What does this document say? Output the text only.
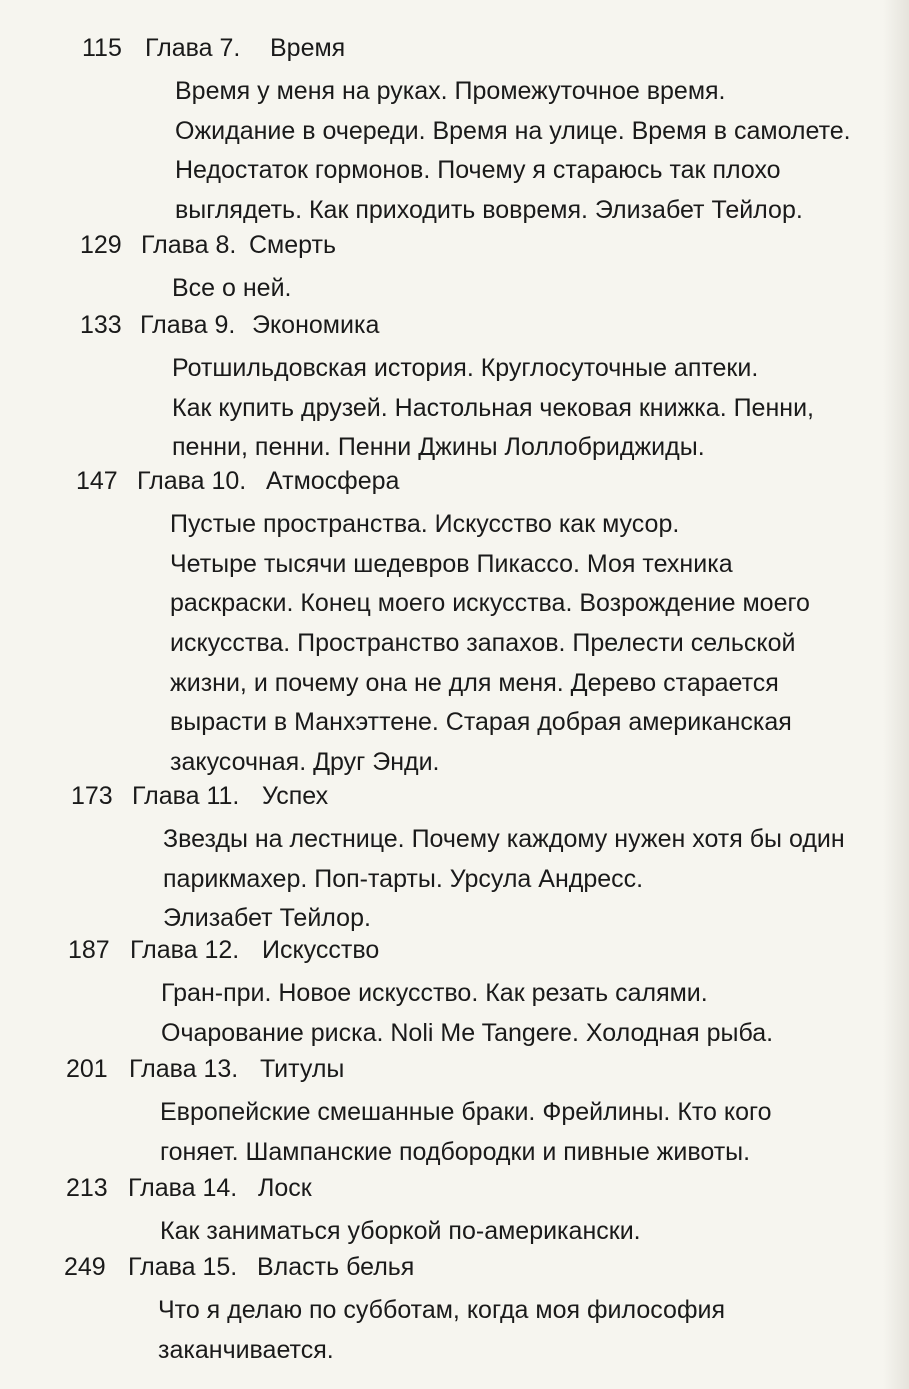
115 Глава 7. Время
Время у меня на руках. Промежуточное время.
Ожидание в очереди. Время на улице. Время в самолете.
Недостаток гормонов. Почему я стараюсь так плохо
выглядеть. Как приходить вовремя. Элизабет Тейлор.
129 Глава 8. Смерть
Все о ней.
133 Глава 9. Экономика
Ротшильдовская история. Круглосуточные аптеки.
Как купить друзей. Настольная чековая книжка. Пенни,
пенни, пенни. Пенни Джины Лоллобриджиды.
147 Глава 10. Атмосфера
Пустые пространства. Искусство как мусор.
Четыре тысячи шедевров Пикассо. Моя техника
раскраски. Конец моего искусства. Возрождение моего
искусства. Пространство запахов. Прелести сельской
жизни, и почему она не для меня. Дерево старается
вырасти в Манхэттене. Старая добрая американская
закусочная. Друг Энди.
173 Глава 11. Успех
Звезды на лестнице. Почему каждому нужен хотя бы один
парикмахер. Поп-тарты. Урсула Андресс.
Элизабет Тейлор.
187 Глава 12. Искусство
Гран-при. Новое искусство. Как резать салями.
Очарование риска. Noli Me Tangere. Холодная рыба.
201 Глава 13. Титулы
Европейские смешанные браки. Фрейлины. Кто кого
гоняет. Шампанские подбородки и пивные животы.
213 Глава 14. Лоск
Как заниматься уборкой по-американски.
249 Глава 15. Власть белья
Что я делаю по субботам, когда моя философия
заканчивается.
